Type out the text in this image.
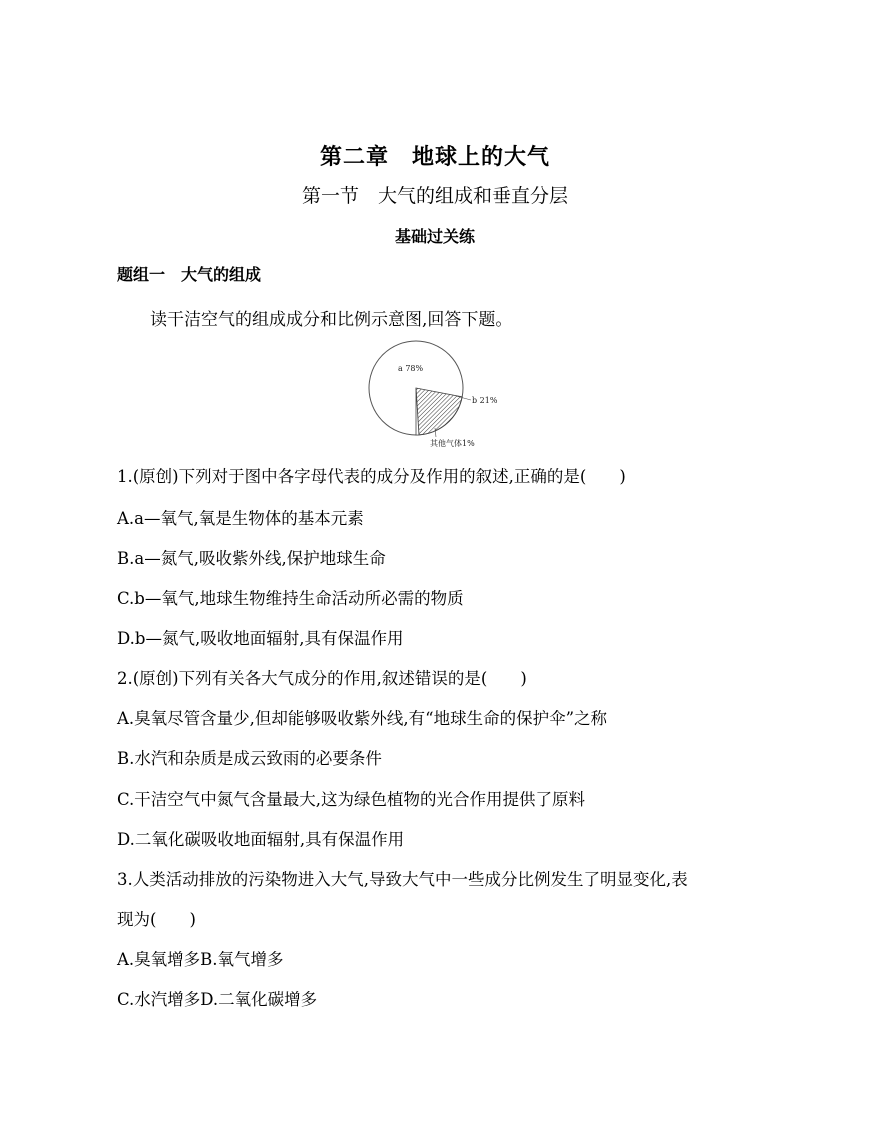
第二章　地球上的大气
第一节　大气的组成和垂直分层
基础过关练
题组一　大气的组成
读干洁空气的组成成分和比例示意图,回答下题。
a 78%
b 21%
其他气体1%
1.(原创)下列对于图中各字母代表的成分及作用的叙述,正确的是( )
A.a—氧气,氧是生物体的基本元素
B.a—氮气,吸收紫外线,保护地球生命
C.b—氧气,地球生物维持生命活动所必需的物质
D.b—氮气,吸收地面辐射,具有保温作用
2.(原创)下列有关各大气成分的作用,叙述错误的是( )
A.臭氧尽管含量少,但却能够吸收紫外线,有“地球生命的保护伞”之称
B.水汽和杂质是成云致雨的必要条件
C.干洁空气中氮气含量最大,这为绿色植物的光合作用提供了原料
D.二氧化碳吸收地面辐射,具有保温作用
3.人类活动排放的污染物进入大气,导致大气中一些成分比例发生了明显变化,表
现为( )
A.臭氧增多B.氧气增多
C.水汽增多D.二氧化碳增多
